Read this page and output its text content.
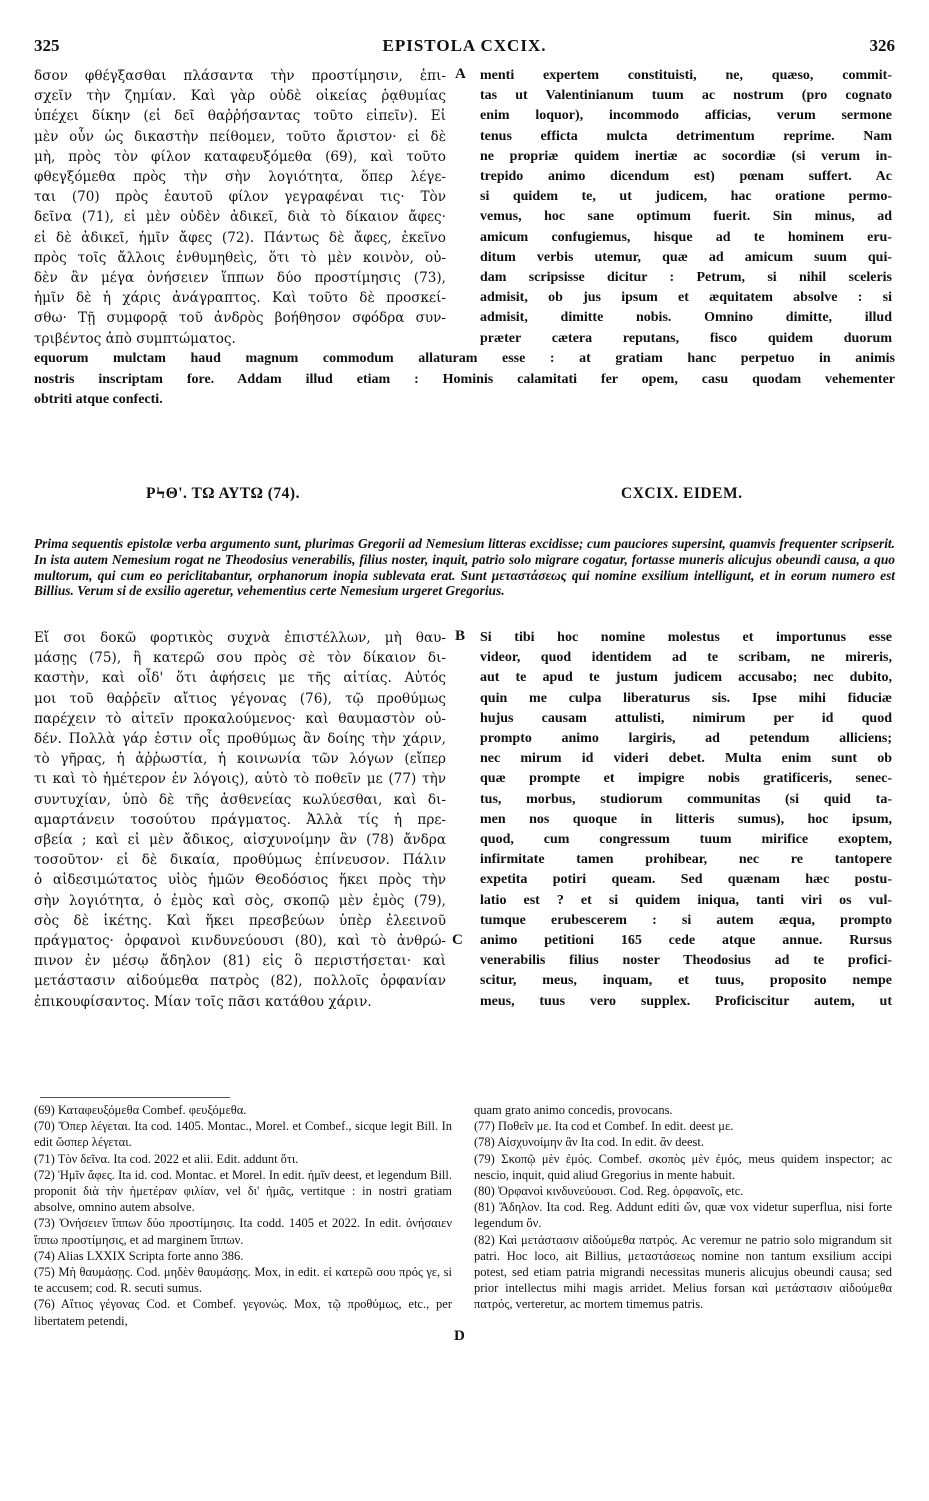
325	EPISTOLA CXCIX.	326
δσον φθέγξασθαι πλάσαντα τὴν προστίμησιν, ἐπι-
σχεῖν τὴν ζημίαν. Καὶ γὰρ οὐδὲ οἰκείας ῥᾳθυμίας
ὑπέχει δίκην (εἰ δεῖ θαῤῥήσαντας τοῦτο εἰπεῖν). Εἰ
μὲν οὖν ὡς δικαστὴν πείθομεν, τοῦτο ἄριστον· εἰ δὲ
μὴ, πρὸς τὸν φίλον καταφευξόμεθα (69), καὶ τοῦτο
φθεγξόμεθα πρὸς τὴν σὴν λογιότητα, ὅπερ λέγε-
ται (70) πρὸς ἑαυτοῦ φίλον γεγραφέναι τις· Τὸν
δεῖνα (71), εἰ μὲν οὐδὲν ἀδικεῖ, διὰ τὸ δίκαιον ἄφες·
εἰ δὲ ἀδικεῖ, ἡμῖν ἄφες (72). Πάντως δὲ ἄφες, ἐκεῖνο
πρὸς τοῖς ἄλλοις ἐνθυμηθεὶς, ὅτι τὸ μὲν κοινὸν, οὐ-
δὲν ἂν μέγα ὀνήσειεν ἵππων δύο προστίμησις (73),
ἡμῖν δὲ ἡ χάρις ἀνάγραπτος. Καὶ τοῦτο δὲ προσκεί-
σθω· Τῇ συμφορᾷ τοῦ ἀνδρὸς βοήθησον σφόδρα συν-
τριβέντος ἀπὸ συμπτώματος.
menti expertem constituisti, ne, quæso, commit-
tas ut Valentinianum tuum ac nostrum (pro cognato
enim loquor), incommodo afficias, verum sermone
tenus efficta mulcta detrimentum reprime. Nam
ne propriæ quidem inertiæ ac socordiæ (si verum in-
trepido animo dicendum est) pœnam suffert. Ac
si quidem te, ut judicem, hac oratione permo-
vemus, hoc sane optimum fuerit. Sin minus, ad
amicum confugiemus, hisque ad te hominem eru-
ditum verbis utemur, quæ ad amicum suum qui-
dam scripsisse dicitur : Petrum, si nihil sceleris
admisit, ob jus ipsum et æquitatem absolve : si
admisit, dimitte nobis. Omnino dimitte, illud
præter cætera reputans, fisco quidem duorum
A
equorum mulctam haud magnum commodum allaturam esse : at gratiam hanc perpetuo in animis
nostris inscriptam fore. Addam illud etiam : Hominis calamitati fer opem, casu quodam vehementer
obtriti atque confecti.
ΡϞΘ'. ΤΩ ΑΥΤΩ (74).	CXCIX. EIDEM.
Prima sequentis epistolæ verba argumento sunt, plurimas Gregorii ad Nemesium litteras excidisse; cum pauciores supersint, quamvis frequenter scripserit. In ista autem Nemesium rogat ne Theodosius venerabilis, filius noster, inquit, patrio solo migrare cogatur, fortasse muneris alicujus obeundi causa, a quo multorum, qui cum eo periclitabantur, orphanorum inopia sublevata erat. Sunt μεταστάσεως qui nomine exsilium intelligunt, et in eorum numero est Billius. Verum si de exsilio ageretur, vehementius certe Nemesium urgeret Gregorius.
Εἴ σοι δοκῶ φορτικὸς συχνὰ ἐπιστέλλων, μὴ θαυ-
μάσῃς (75), ἢ κατερῶ σου πρὸς σὲ τὸν δίκαιον δι-
καστὴν, καὶ οἶδ' ὅτι ἀφήσεις με τῆς αἰτίας. Αὐτός
μοι τοῦ θαῤῥεῖν αἴτιος γέγονας (76), τῷ προθύμως
παρέχειν τὸ αἰτεῖν προκαλούμενος· καὶ θαυμαστὸν οὐ-
δέν. Πολλὰ γάρ ἐστιν οἷς προθύμως ἂν δοίης τὴν χάριν,
τὸ γῆρας, ἡ ἀῤῥωστία, ἡ κοινωνία τῶν λόγων (εἴπερ
τι καὶ τὸ ἡμέτερον ἐν λόγοις), αὐτὸ τὸ ποθεῖν με (77) τὴν
συντυχίαν, ὑπὸ δὲ τῆς ἀσθενείας κωλύεσθαι, καὶ δι-
αμαρτάνειν τοσούτου πράγματος. Ἀλλὰ τίς ἡ πρε-
σβεία ; καὶ εἰ μὲν ἄδικος, αἰσχυνοίμην ἂν (78) ἄνδρα
τοσοῦτον· εἰ δὲ δικαία, προθύμως ἐπίνευσον. Πάλιν
ὁ αἰδεσιμώτατος υἱὸς ἡμῶν Θεοδόσιος ἥκει πρὸς τὴν
σὴν λογιότητα, ὁ ἐμὸς καὶ σὸς, σκοπῷ μὲν ἐμὸς (79),
σὸς δὲ ἱκέτης. Καὶ ἥκει πρεσβεύων ὑπὲρ ἐλεεινοῦ
πράγματος· ὀρφανοὶ κινδυνεύουσι (80), καὶ τὸ ἀνθρώ-
πινον ἐν μέσῳ ἄδηλον (81) εἰς ὃ περιστήσεται· καὶ
μετάστασιν αἰδούμεθα πατρὸς (82), πολλοῖς ὀρφανίαν
ἐπικουφίσαντος. Μίαν τοῖς πᾶσι κατάθου χάριν.
Si tibi hoc nomine molestus et importunus esse
videor, quod identidem ad te scribam, ne mireris,
aut te apud te justum judicem accusabo; nec dubito,
quin me culpa liberaturus sis. Ipse mihi fiduciæ
hujus causam attulisti, nimirum per id quod
prompto animo largiris, ad petendum alliciens;
nec mirum id videri debet. Multa enim sunt ob
quæ prompte et impigre nobis gratificeris, senec-
tus, morbus, studiorum communitas (si quid ta-
men nos quoque in litteris sumus), hoc ipsum,
quod, cum congressum tuum mirifice exoptem,
infirmitate tamen prohibear, nec re tantopere
expetita potiri queam. Sed quænam hæc postu-
latio est ? et si quidem iniqua, tanti viri os vul-
tumque erubescerem : si autem æqua, prompto
animo petitioni 165 cede atque annue. Rursus
venerabilis filius noster Theodosius ad te profici-
scitur, meus, inquam, et tuus, proposito nempe
meus, tuus vero supplex. Proficiscitur autem, ut
B
C

(69) Καταφευξόμεθα Combef. φευξόμεθα.

(70) Ὅπερ λέγεται. Ita cod. 1405. Montac., Morel. et Combef., sicque legit Bill. In edit ὥσπερ λέγεται.

(71) Τὸν δεῖνα. Ita cod. 2022 et alii. Edit. addunt ὅτι.

(72) Ἡμῖν ἄφες. Ita id. cod. Montac. et Morel. In edit. ἡμῖν deest, et legendum Bill. proponit διὰ τὴν ἡμετέραν φιλίαν, vel δι' ἡμᾶς, vertitque : in nostri gratiam absolve, omnino autem absolve.

(73) Ὀνήσειεν ἵππων δύο προστίμησις. Ita codd. 1405 et 2022. In edit. ὀνήσαιεν ἵππω προστίμησις, et ad marginem ἴππων.

(74) Alias LXXIX Scripta forte anno 386.

(75) Μὴ θαυμάσῃς. Cod. μηδὲν θαυμάσῃς. Mox, in edit. εἰ κατερῶ σου πρός γε, si te accusem; cod. R. secuti sumus.

(76) Αἴτιος γέγονας Cod. et Combef. γεγονώς. Mox, τῷ προθύμως, etc., per libertatem petendi,

quam grato animo concedis, provocans.

(77) Ποθεῖν με. Ita cod et Combef. In edit. deest με.

(78) Αἰσχυνοίμην ἂν Ita cod. In edit. ἂν deest.

(79) Σκοπῷ μὲν ἐμός. Combef. σκοπὸς μὲν ἐμός, meus quidem inspector; ac nescio, inquit, quid aliud Gregorius in mente habuit.

(80) Ὀρφανοὶ κινδυνεύουσι. Cod. Reg. ὀρφανοῖς, etc.

(81) Ἄδηλον. Ita cod. Reg. Addunt editi ὤν, quæ vox videtur superflua, nisi forte legendum ὄν.

(82) Καὶ μετάστασιν αἰδούμεθα πατρός. Ac veremur ne patrio solo migrandum sit patri. Hoc loco, ait Billius, μεταστάσεως nomine non tantum exsilium accipi potest, sed etiam patria migrandi necessitas muneris alicujus obeundi causa; sed prior intellectus mihi magis arridet. Melius forsan καὶ μετάστασιν αἰδούμεθα πατρός, verteretur, ac mortem timemus patris.

D
